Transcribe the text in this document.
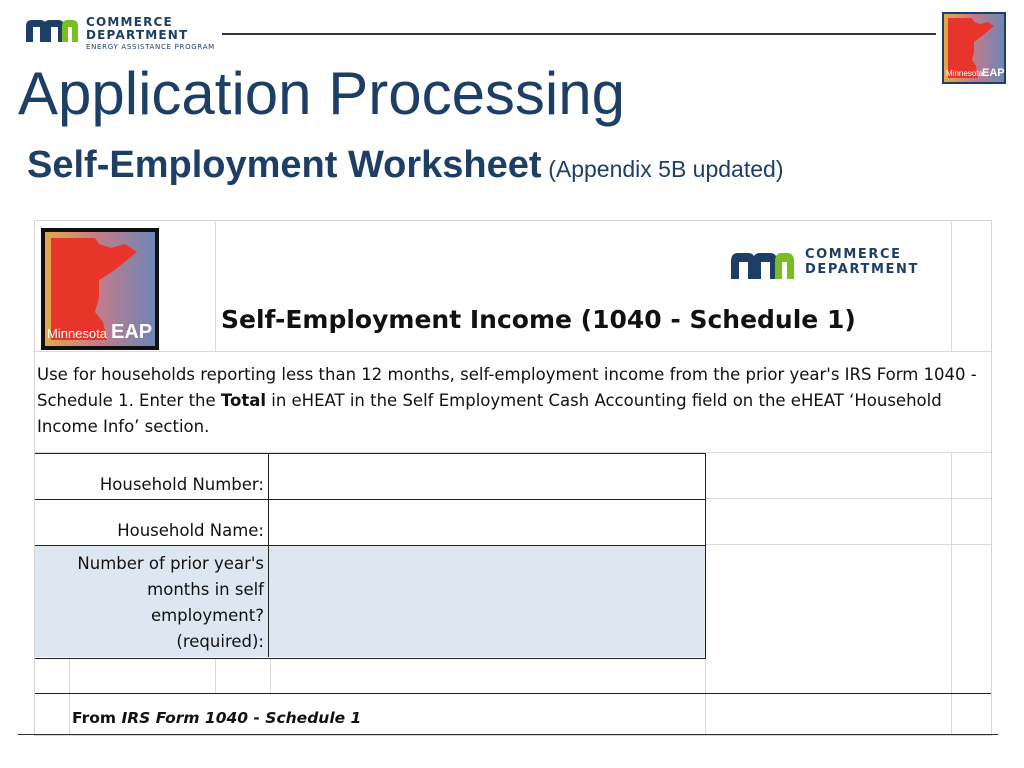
COMMERCE
DEPARTMENT
ENERGY ASSISTANCE PROGRAM
Minnesota EAP
Application Processing
Self-Employment Worksheet (Appendix 5B updated)
Minnesota EAP
COMMERCE
DEPARTMENT

Self-Employment Income (1040 - Schedule 1)

Use for households reporting less than 12 months, self-employment income from the prior year's IRS Form 1040 - Schedule 1. Enter the Total in eHEAT in the Self Employment Cash Accounting field on the eHEAT ‘Household Income Info’ section.

Household Number:
Household Name:
Number of prior year's
months in self
employment?
(required):

From IRS Form 1040 - Schedule 1
